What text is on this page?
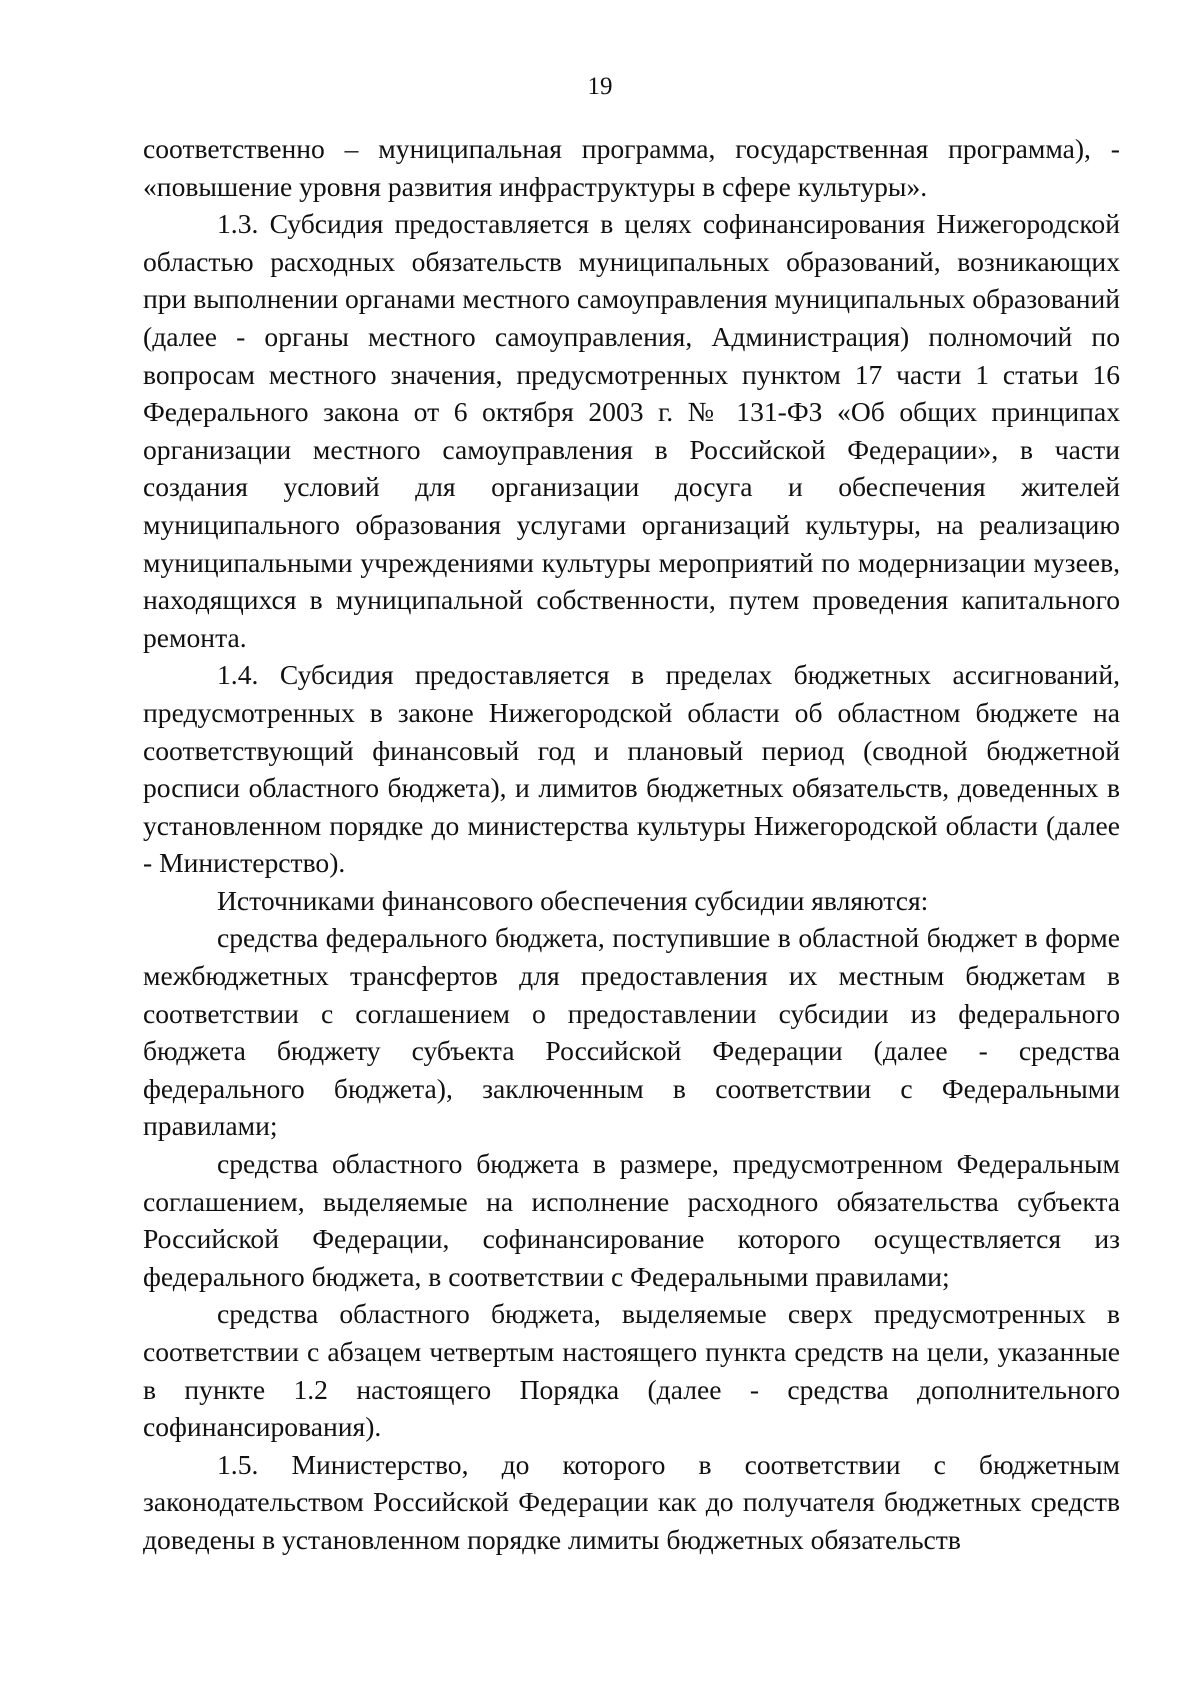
19

соответственно – муниципальная программа, государственная программа), - «повышение уровня развития инфраструктуры в сфере культуры».

1.3. Субсидия предоставляется в целях софинансирования Нижегородской областью расходных обязательств муниципальных образований, возникающих при выполнении органами местного самоуправления муниципальных образований (далее - органы местного самоуправления, Администрация) полномочий по вопросам местного значения, предусмотренных пунктом 17 части 1 статьи 16 Федерального закона от 6 октября 2003 г. № 131-ФЗ «Об общих принципах организации местного самоуправления в Российской Федерации», в части создания условий для организации досуга и обеспечения жителей муниципального образования услугами организаций культуры, на реализацию муниципальными учреждениями культуры мероприятий по модернизации музеев, находящихся в муниципальной собственности, путем проведения капитального ремонта.

1.4. Субсидия предоставляется в пределах бюджетных ассигнований, предусмотренных в законе Нижегородской области об областном бюджете на соответствующий финансовый год и плановый период (сводной бюджетной росписи областного бюджета), и лимитов бюджетных обязательств, доведенных в установленном порядке до министерства культуры Нижегородской области (далее - Министерство).

Источниками финансового обеспечения субсидии являются:

средства федерального бюджета, поступившие в областной бюджет в форме межбюджетных трансфертов для предоставления их местным бюджетам в соответствии с соглашением о предоставлении субсидии из федерального бюджета бюджету субъекта Российской Федерации (далее - средства федерального бюджета), заключенным в соответствии с Федеральными правилами;

средства областного бюджета в размере, предусмотренном Федеральным соглашением, выделяемые на исполнение расходного обязательства субъекта Российской Федерации, софинансирование которого осуществляется из федерального бюджета, в соответствии с Федеральными правилами;

средства областного бюджета, выделяемые сверх предусмотренных в соответствии с абзацем четвертым настоящего пункта средств на цели, указанные в пункте 1.2 настоящего Порядка (далее - средства дополнительного софинансирования).

1.5. Министерство, до которого в соответствии с бюджетным законодательством Российской Федерации как до получателя бюджетных средств доведены в установленном порядке лимиты бюджетных обязательств
